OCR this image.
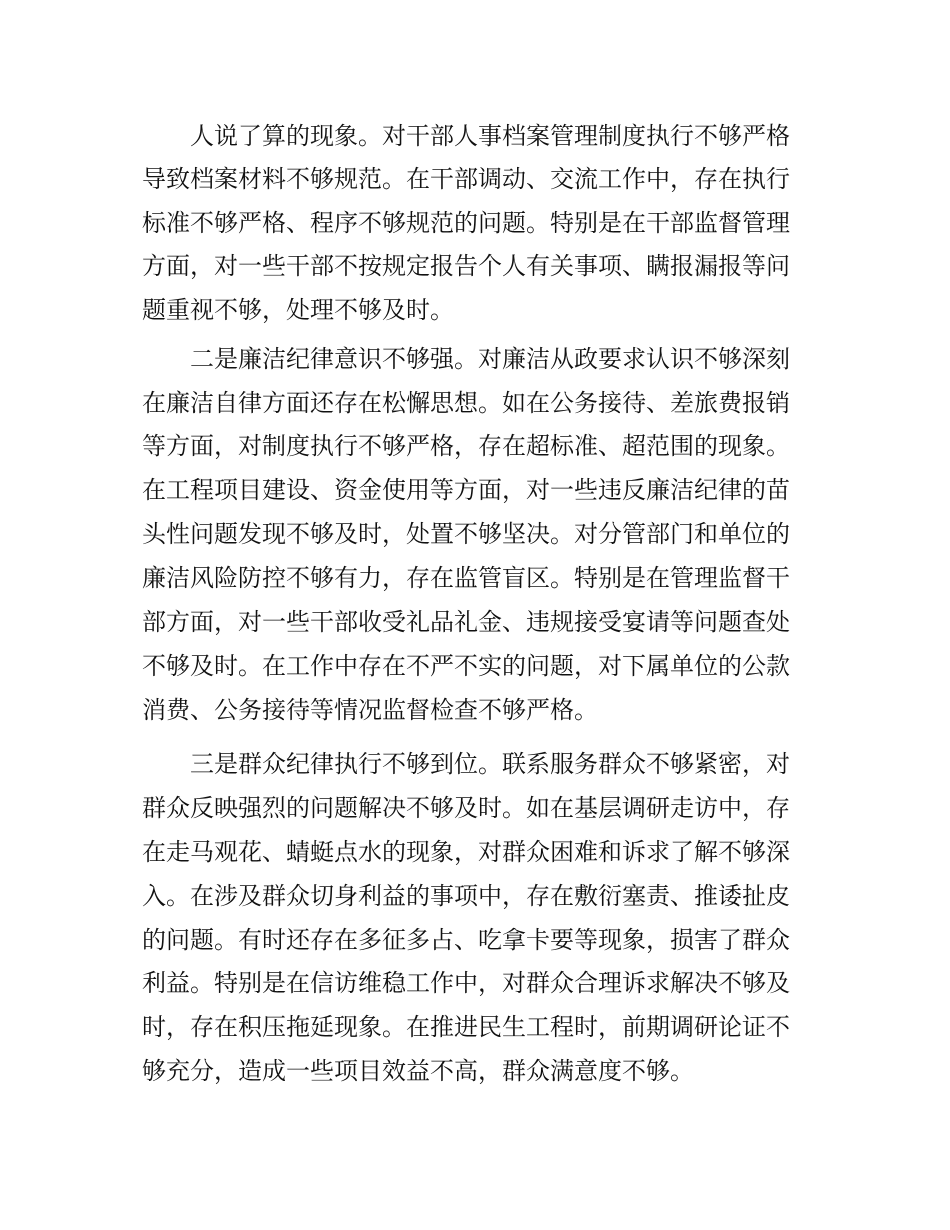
人说了算的现象。对干部人事档案管理制度执行不够严格

导致档案材料不够规范。在干部调动、交流工作中，存在执行

标准不够严格、程序不够规范的问题。特别是在干部监督管理

方面，对一些干部不按规定报告个人有关事项、瞒报漏报等问

题重视不够，处理不够及时。

二是廉洁纪律意识不够强。对廉洁从政要求认识不够深刻

在廉洁自律方面还存在松懈思想。如在公务接待、差旅费报销

等方面，对制度执行不够严格，存在超标准、超范围的现象。

在工程项目建设、资金使用等方面，对一些违反廉洁纪律的苗

头性问题发现不够及时，处置不够坚决。对分管部门和单位的

廉洁风险防控不够有力，存在监管盲区。特别是在管理监督干

部方面，对一些干部收受礼品礼金、违规接受宴请等问题查处

不够及时。在工作中存在不严不实的问题，对下属单位的公款

消费、公务接待等情况监督检查不够严格。

三是群众纪律执行不够到位。联系服务群众不够紧密，对

群众反映强烈的问题解决不够及时。如在基层调研走访中，存

在走马观花、蜻蜓点水的现象，对群众困难和诉求了解不够深

入。在涉及群众切身利益的事项中，存在敷衍塞责、推诿扯皮

的问题。有时还存在多征多占、吃拿卡要等现象，损害了群众

利益。特别是在信访维稳工作中，对群众合理诉求解决不够及

时，存在积压拖延现象。在推进民生工程时，前期调研论证不

够充分，造成一些项目效益不高，群众满意度不够。
